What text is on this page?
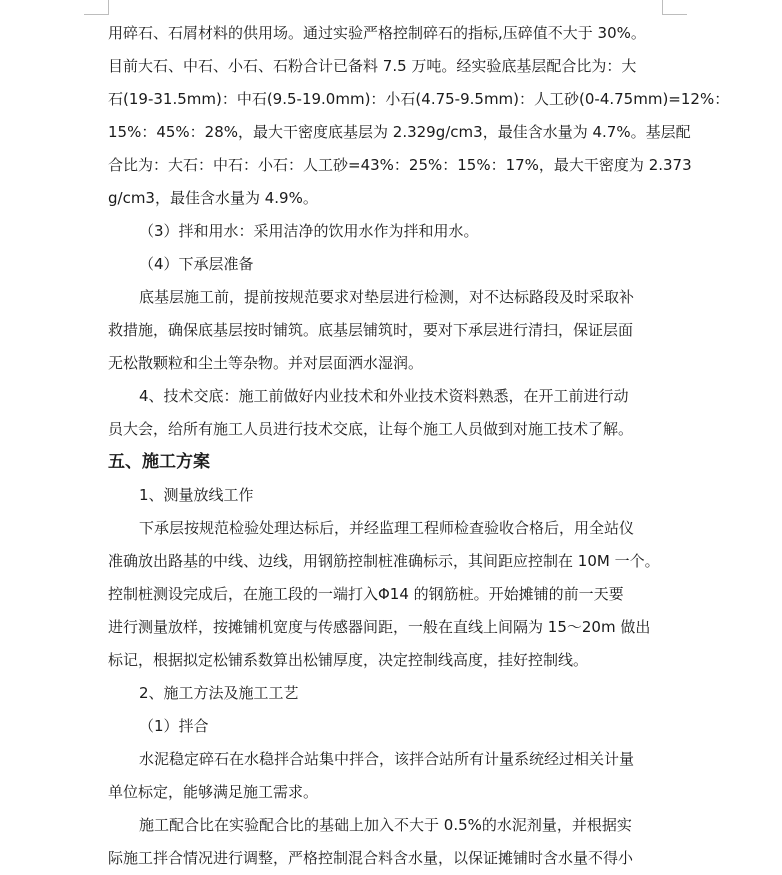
用碎石、石屑材料的供用场。通过实验严格控制碎石的指标,压碎值不大于 30%。

目前大石、中石、小石、石粉合计已备料 7.5 万吨。经实验底基层配合比为：大

石(19-31.5mm)：中石(9.5-19.0mm)：小石(4.75-9.5mm)：人工砂(0-4.75mm)=12%：

15%：45%：28%，最大干密度底基层为 2.329g/cm3，最佳含水量为 4.7%。基层配

合比为：大石：中石：小石：人工砂=43%：25%：15%：17%，最大干密度为 2.373

g/cm3，最佳含水量为 4.9%。

（3）拌和用水：采用洁净的饮用水作为拌和用水。

（4）下承层准备

底基层施工前，提前按规范要求对垫层进行检测，对不达标路段及时采取补

救措施，确保底基层按时铺筑。底基层铺筑时，要对下承层进行清扫，保证层面

无松散颗粒和尘土等杂物。并对层面洒水湿润。

4、技术交底：施工前做好内业技术和外业技术资料熟悉，在开工前进行动

员大会，给所有施工人员进行技术交底，让每个施工人员做到对施工技术了解。

五、施工方案

1、测量放线工作

下承层按规范检验处理达标后，并经监理工程师检查验收合格后，用全站仪

准确放出路基的中线、边线，用钢筋控制桩准确标示，其间距应控制在 10M 一个。

控制桩测设完成后，在施工段的一端打入Φ14 的钢筋桩。开始摊铺的前一天要

进行测量放样，按摊铺机宽度与传感器间距，一般在直线上间隔为 15～20m 做出

标记，根据拟定松铺系数算出松铺厚度，决定控制线高度，挂好控制线。

2、施工方法及施工工艺

（1）拌合

水泥稳定碎石在水稳拌合站集中拌合，该拌合站所有计量系统经过相关计量

单位标定，能够满足施工需求。

施工配合比在实验配合比的基础上加入不大于 0.5%的水泥剂量，并根据实

际施工拌合情况进行调整，严格控制混合料含水量，以保证摊铺时含水量不得小
